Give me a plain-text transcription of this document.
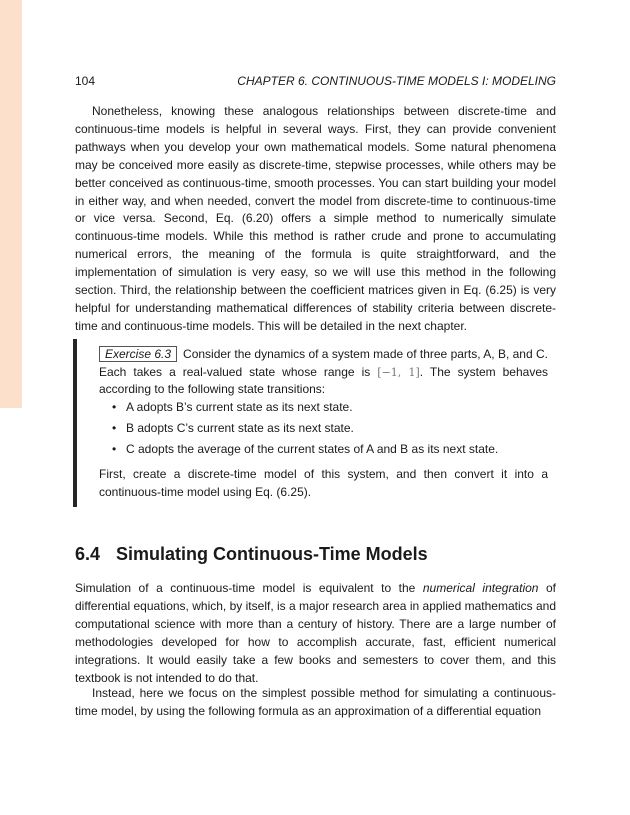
104	CHAPTER 6. CONTINUOUS-TIME MODELS I: MODELING

Nonetheless, knowing these analogous relationships between discrete-time and continuous-time models is helpful in several ways. First, they can provide convenient pathways when you develop your own mathematical models. Some natural phenomena may be conceived more easily as discrete-time, stepwise processes, while others may be better conceived as continuous-time, smooth processes. You can start building your model in either way, and when needed, convert the model from discrete-time to continuous-time or vice versa. Second, Eq. (6.20) offers a simple method to numerically simulate continuous-time models. While this method is rather crude and prone to accumulating numerical errors, the meaning of the formula is quite straightforward, and the implementation of simulation is very easy, so we will use this method in the following section. Third, the relationship between the coefficient matrices given in Eq. (6.25) is very helpful for understanding mathematical differences of stability criteria between discrete-time and continuous-time models. This will be detailed in the next chapter.

Exercise 6.3 Consider the dynamics of a system made of three parts, A, B, and C. Each takes a real-valued state whose range is [−1, 1]. The system behaves according to the following state transitions:

• A adopts B’s current state as its next state.
• B adopts C’s current state as its next state.
• C adopts the average of the current states of A and B as its next state.

First, create a discrete-time model of this system, and then convert it into a continuous-time model using Eq. (6.25).

6.4 Simulating Continuous-Time Models

Simulation of a continuous-time model is equivalent to the numerical integration of differential equations, which, by itself, is a major research area in applied mathematics and computational science with more than a century of history. There are a large number of methodologies developed for how to accomplish accurate, fast, efficient numerical integrations. It would easily take a few books and semesters to cover them, and this textbook is not intended to do that.

Instead, here we focus on the simplest possible method for simulating a continuous-time model, by using the following formula as an approximation of a differential equation
